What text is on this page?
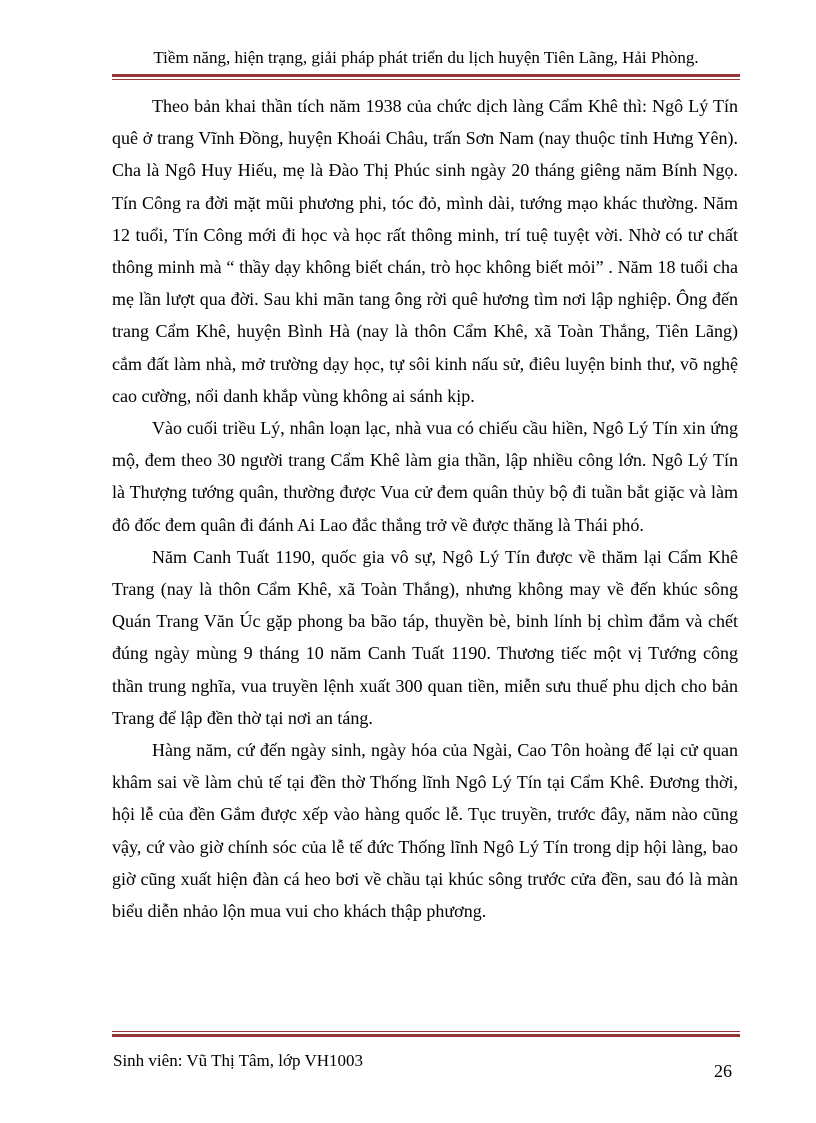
Tiềm năng, hiện trạng, giải pháp phát triển du lịch huyện Tiên Lãng, Hải Phòng.

Theo bản khai thần tích năm 1938 của chức dịch làng Cẩm Khê thì: Ngô Lý Tín quê ở trang Vĩnh Đồng, huyện Khoái Châu, trấn Sơn Nam (nay thuộc tỉnh Hưng Yên). Cha là Ngô Huy Hiếu, mẹ là Đào Thị Phúc sinh ngày 20 tháng giêng năm Bính Ngọ. Tín Công ra đời mặt mũi phương phi, tóc đỏ, mình dài, tướng mạo khác thường. Năm 12 tuổi, Tín Công mới đi học và học rất thông minh, trí tuệ tuyệt vời. Nhờ có tư chất thông minh mà “ thầy dạy không biết chán, trò học không biết mỏi” . Năm 18 tuổi cha mẹ lần lượt qua đời. Sau khi mãn tang ông rời quê hương tìm nơi lập nghiệp. Ông đến trang Cẩm Khê, huyện Bình Hà (nay là thôn Cẩm Khê, xã Toàn Thắng, Tiên Lãng) cắm đất làm nhà, mở trường dạy học, tự sôi kinh nấu sử, điêu luyện binh thư, võ nghệ cao cường, nổi danh khắp vùng không ai sánh kịp.

Vào cuối triều Lý, nhân loạn lạc, nhà vua có chiếu cầu hiền, Ngô Lý Tín xin ứng mộ, đem theo 30 người trang Cẩm Khê làm gia thần, lập nhiều công lớn. Ngô Lý Tín là Thượng tướng quân, thường được Vua cử đem quân thủy bộ đi tuần bắt giặc và làm đô đốc đem quân đi đánh Ai Lao đắc thắng trở về được thăng là Thái phó.

Năm Canh Tuất 1190, quốc gia vô sự, Ngô Lý Tín được về thăm lại Cẩm Khê Trang (nay là thôn Cẩm Khê, xã Toàn Thắng), nhưng không may về đến khúc sông Quán Trang Văn Úc gặp phong ba bão táp, thuyền bè, binh lính bị chìm đắm và chết đúng ngày mùng 9 tháng 10 năm Canh Tuất 1190. Thương tiếc một vị Tướng công thần trung nghĩa, vua truyền lệnh xuất 300 quan tiền, miễn sưu thuế phu dịch cho bản Trang để lập đền thờ tại nơi an táng.

Hàng năm, cứ đến ngày sinh, ngày hóa của Ngài, Cao Tôn hoàng đế lại cử quan khâm sai về làm chủ tế tại đền thờ Thống lĩnh Ngô Lý Tín tại Cẩm Khê. Đương thời, hội lễ của đền Gắm được xếp vào hàng quốc lễ. Tục truyền, trước đây, năm nào cũng vậy, cứ vào giờ chính sóc của lễ tế đức Thống lĩnh Ngô Lý Tín trong dịp hội làng, bao giờ cũng xuất hiện đàn cá heo bơi về chầu tại khúc sông trước cửa đền, sau đó là màn biểu diễn nhảo lộn mua vui cho khách thập phương.

Sinh viên: Vũ Thị Tâm, lớp VH1003
26
